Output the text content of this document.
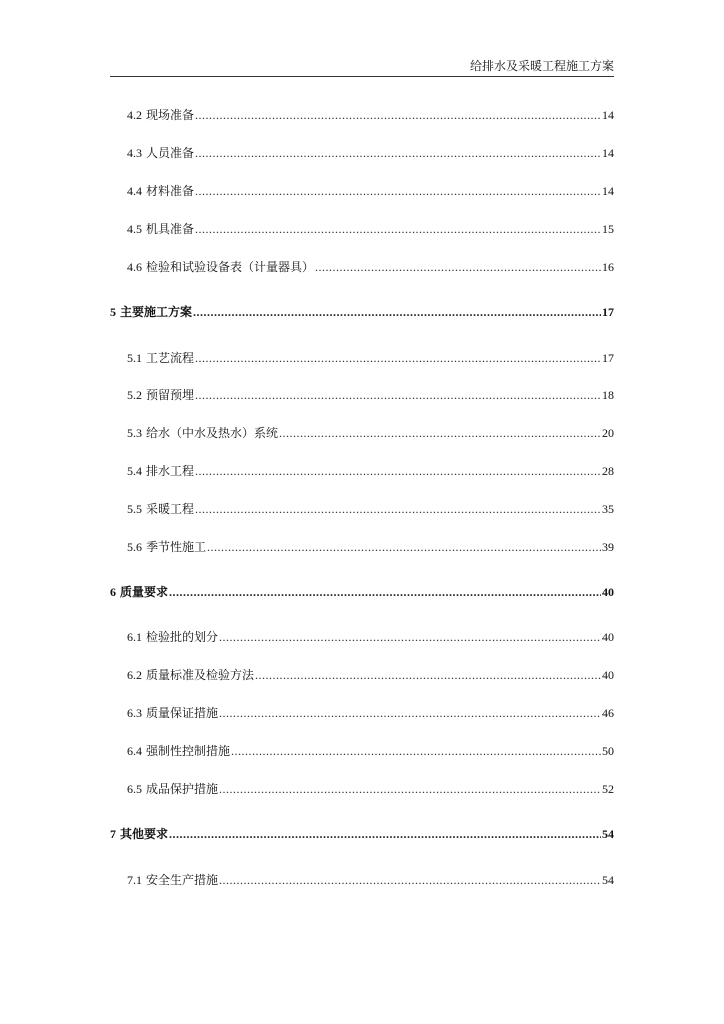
给排水及采暖工程施工方案
4.2 现场准备 .....	14
4.3 人员准备 .....	14
4.4 材料准备 .....	14
4.5 机具准备 .....	15
4.6 检验和试验设备表（计量器具） .....	16
5 主要施工方案 .....	17
5.1 工艺流程 .....	17
5.2 预留预埋 .....	18
5.3 给水（中水及热水）系统 .....	20
5.4 排水工程 .....	28
5.5 采暖工程 .....	35
5.6 季节性施工 .....	39
6 质量要求 .....	40
6.1 检验批的划分 .....	40
6.2 质量标准及检验方法 .....	40
6.3 质量保证措施 .....	46
6.4 强制性控制措施 .....	50
6.5 成品保护措施 .....	52
7 其他要求 .....	54
7.1 安全生产措施 .....	54
